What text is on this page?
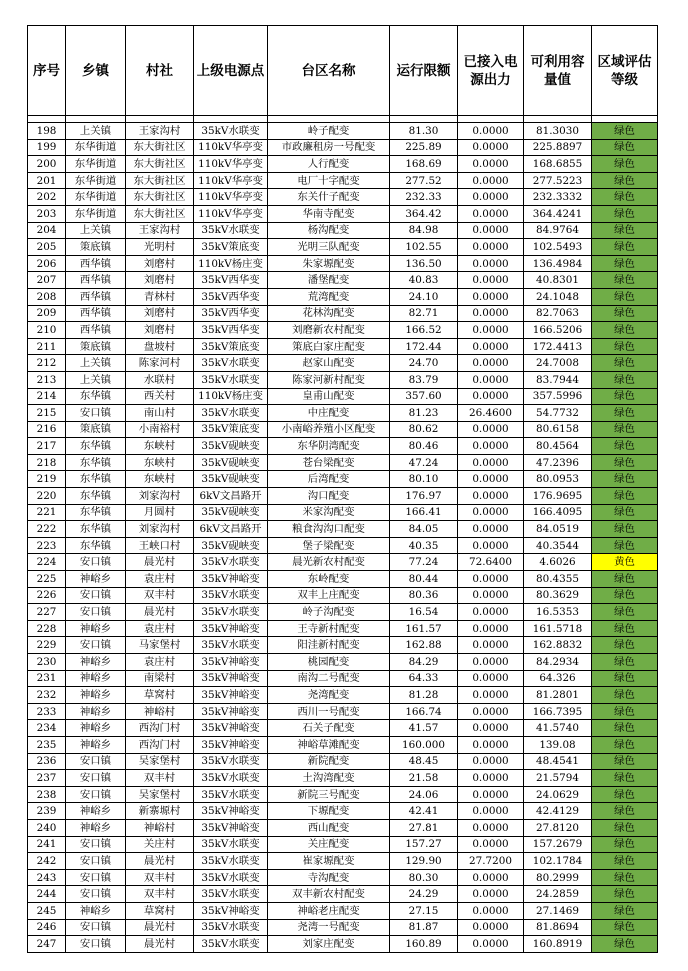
序号	乡镇	村社	上级电源点	台区名称	运行限额	已接入电源出力	可利用容量值	区域评估等级

198	上关镇	王家沟村	35kV水联变	岭子配变	81.30	0.0000	81.3030	绿色
199	东华街道	东大街社区	110kV华亭变	市政廉租房一号配变	225.89	0.0000	225.8897	绿色
200	东华街道	东大街社区	110kV华亭变	人行配变	168.69	0.0000	168.6855	绿色
201	东华街道	东大街社区	110kV华亭变	电厂十字配变	277.52	0.0000	277.5223	绿色
202	东华街道	东大街社区	110kV华亭变	东关什子配变	232.33	0.0000	232.3332	绿色
203	东华街道	东大街社区	110kV华亭变	华南寺配变	364.42	0.0000	364.4241	绿色
204	上关镇	王家沟村	35kV水联变	杨沟配变	84.98	0.0000	84.9764	绿色
205	策底镇	光明村	35kV策底变	光明三队配变	102.55	0.0000	102.5493	绿色
206	西华镇	刘磨村	110kV杨庄变	朱家塬配变	136.50	0.0000	136.4984	绿色
207	西华镇	刘磨村	35kV西华变	潘堡配变	40.83	0.0000	40.8301	绿色
208	西华镇	青林村	35kV西华变	荒湾配变	24.10	0.0000	24.1048	绿色
209	西华镇	刘磨村	35kV西华变	花林沟配变	82.71	0.0000	82.7063	绿色
210	西华镇	刘磨村	35kV西华变	刘磨新农村配变	166.52	0.0000	166.5206	绿色
211	策底镇	盘坡村	35kV策底变	策底白家庄配变	172.44	0.0000	172.4413	绿色
212	上关镇	陈家河村	35kV水联变	赵家山配变	24.70	0.0000	24.7008	绿色
213	上关镇	水联村	35kV水联变	陈家河新村配变	83.79	0.0000	83.7944	绿色
214	东华镇	西关村	110kV杨庄变	皇甫山配变	357.60	0.0000	357.5996	绿色
215	安口镇	南山村	35kV水联变	中庄配变	81.23	26.4600	54.7732	绿色
216	策底镇	小南裕村	35kV策底变	小南峪养殖小区配变	80.62	0.0000	80.6158	绿色
217	东华镇	东峡村	35kV砚峡变	东华阴湾配变	80.46	0.0000	80.4564	绿色
218	东华镇	东峡村	35kV砚峡变	苍台梁配变	47.24	0.0000	47.2396	绿色
219	东华镇	东峡村	35kV砚峡变	后湾配变	80.10	0.0000	80.0953	绿色
220	东华镇	刘家沟村	6kV文昌路开	沟口配变	176.97	0.0000	176.9695	绿色
221	东华镇	月圆村	35kV砚峡变	米家沟配变	166.41	0.0000	166.4095	绿色
222	东华镇	刘家沟村	6kV文昌路开	粮食沟沟口配变	84.05	0.0000	84.0519	绿色
223	东华镇	王峡口村	35kV砚峡变	堡子梁配变	40.35	0.0000	40.3544	绿色
224	安口镇	晨光村	35kV水联变	晨光新农村配变	77.24	72.6400	4.6026	黄色
225	神峪乡	袁庄村	35kV神峪变	东岭配变	80.44	0.0000	80.4355	绿色
226	安口镇	双丰村	35kV水联变	双丰上庄配变	80.36	0.0000	80.3629	绿色
227	安口镇	晨光村	35kV水联变	岭子沟配变	16.54	0.0000	16.5353	绿色
228	神峪乡	袁庄村	35kV神峪变	王寺新村配变	161.57	0.0000	161.5718	绿色
229	安口镇	马家堡村	35kV水联变	阳洼新村配变	162.88	0.0000	162.8832	绿色
230	神峪乡	袁庄村	35kV神峪变	桃园配变	84.29	0.0000	84.2934	绿色
231	神峪乡	南梁村	35kV神峪变	南沟二号配变	64.33	0.0000	64.326	绿色
232	神峪乡	草窝村	35kV神峪变	尧湾配变	81.28	0.0000	81.2801	绿色
233	神峪乡	神峪村	35kV神峪变	西川一号配变	166.74	0.0000	166.7395	绿色
234	神峪乡	西沟门村	35kV神峪变	石关子配变	41.57	0.0000	41.5740	绿色
235	神峪乡	西沟门村	35kV神峪变	神峪草滩配变	160.000	0.0000	139.08	绿色
236	安口镇	吴家堡村	35kV水联变	新院配变	48.45	0.0000	48.4541	绿色
237	安口镇	双丰村	35kV水联变	土沟湾配变	21.58	0.0000	21.5794	绿色
238	安口镇	吴家堡村	35kV水联变	新院三号配变	24.06	0.0000	24.0629	绿色
239	神峪乡	新寨塬村	35kV神峪变	下塬配变	42.41	0.0000	42.4129	绿色
240	神峪乡	神峪村	35kV神峪变	西山配变	27.81	0.0000	27.8120	绿色
241	安口镇	关庄村	35kV水联变	关庄配变	157.27	0.0000	157.2679	绿色
242	安口镇	晨光村	35kV水联变	崔家塬配变	129.90	27.7200	102.1784	绿色
243	安口镇	双丰村	35kV水联变	寺沟配变	80.30	0.0000	80.2999	绿色
244	安口镇	双丰村	35kV水联变	双丰新农村配变	24.29	0.0000	24.2859	绿色
245	神峪乡	草窝村	35kV神峪变	神峪老庄配变	27.15	0.0000	27.1469	绿色
246	安口镇	晨光村	35kV水联变	尧湾一号配变	81.87	0.0000	81.8694	绿色
247	安口镇	晨光村	35kV水联变	刘家庄配变	160.89	0.0000	160.8919	绿色
